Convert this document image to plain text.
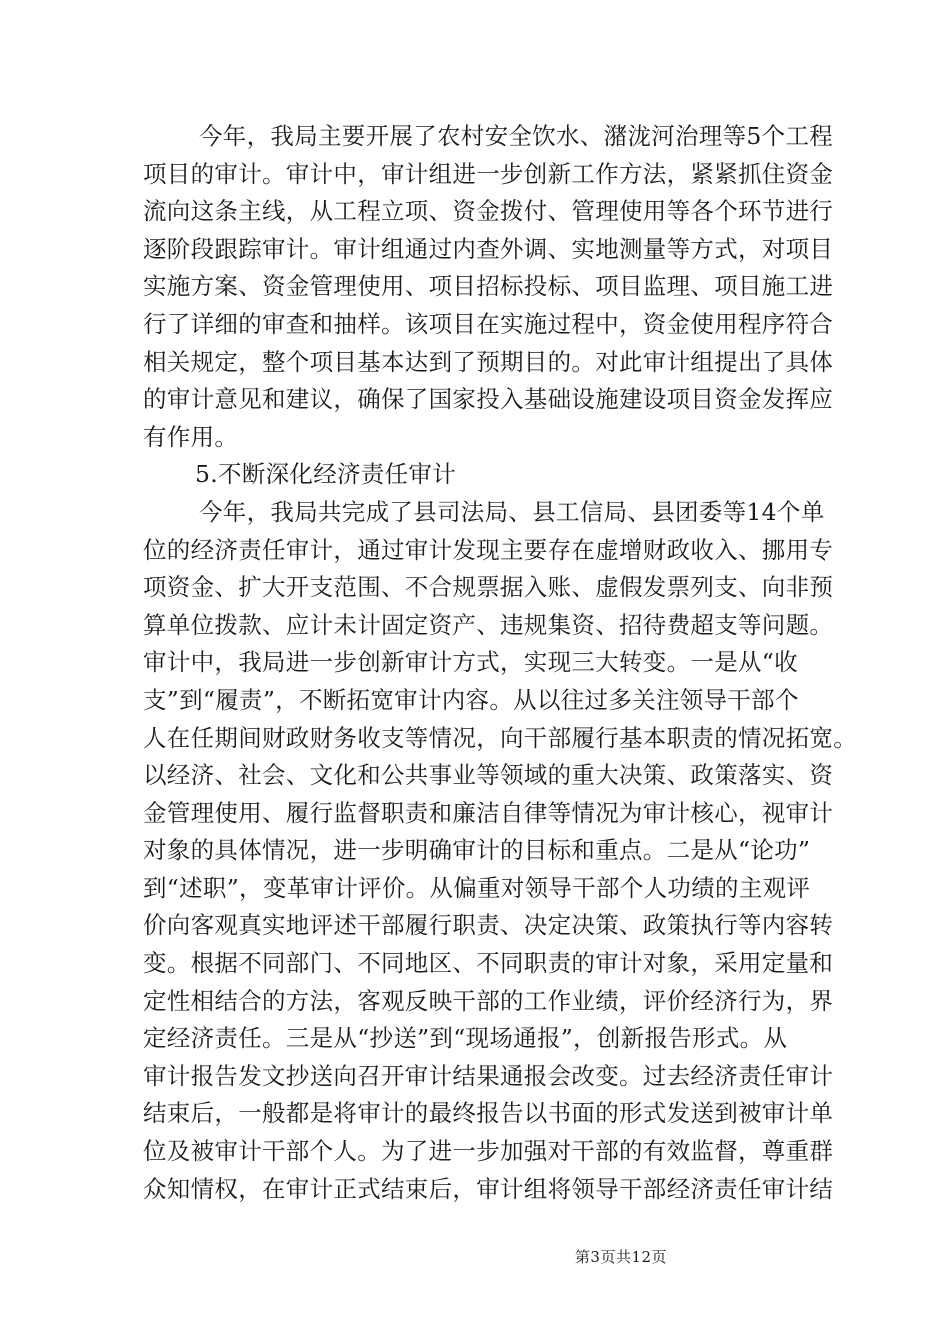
今年，我局主要开展了农村安全饮水、潴泷河治理等5个工程
项目的审计。审计中，审计组进一步创新工作方法，紧紧抓住资金
流向这条主线，从工程立项、资金拨付、管理使用等各个环节进行
逐阶段跟踪审计。审计组通过内查外调、实地测量等方式，对项目
实施方案、资金管理使用、项目招标投标、项目监理、项目施工进
行了详细的审查和抽样。该项目在实施过程中，资金使用程序符合
相关规定，整个项目基本达到了预期目的。对此审计组提出了具体
的审计意见和建议，确保了国家投入基础设施建设项目资金发挥应
有作用。
5.不断深化经济责任审计
今年，我局共完成了县司法局、县工信局、县团委等14个单
位的经济责任审计，通过审计发现主要存在虚增财政收入、挪用专
项资金、扩大开支范围、不合规票据入账、虚假发票列支、向非预
算单位拨款、应计未计固定资产、违规集资、招待费超支等问题。
审计中，我局进一步创新审计方式，实现三大转变。一是从“收
支”到“履责”，不断拓宽审计内容。从以往过多关注领导干部个
人在任期间财政财务收支等情况，向干部履行基本职责的情况拓宽。
以经济、社会、文化和公共事业等领域的重大决策、政策落实、资
金管理使用、履行监督职责和廉洁自律等情况为审计核心，视审计
对象的具体情况，进一步明确审计的目标和重点。二是从“论功”
到“述职”，变革审计评价。从偏重对领导干部个人功绩的主观评
价向客观真实地评述干部履行职责、决定决策、政策执行等内容转
变。根据不同部门、不同地区、不同职责的审计对象，采用定量和
定性相结合的方法，客观反映干部的工作业绩，评价经济行为，界
定经济责任。三是从“抄送”到“现场通报”，创新报告形式。从
审计报告发文抄送向召开审计结果通报会改变。过去经济责任审计
结束后，一般都是将审计的最终报告以书面的形式发送到被审计单
位及被审计干部个人。为了进一步加强对干部的有效监督，尊重群
众知情权，在审计正式结束后，审计组将领导干部经济责任审计结
第3页共12页
